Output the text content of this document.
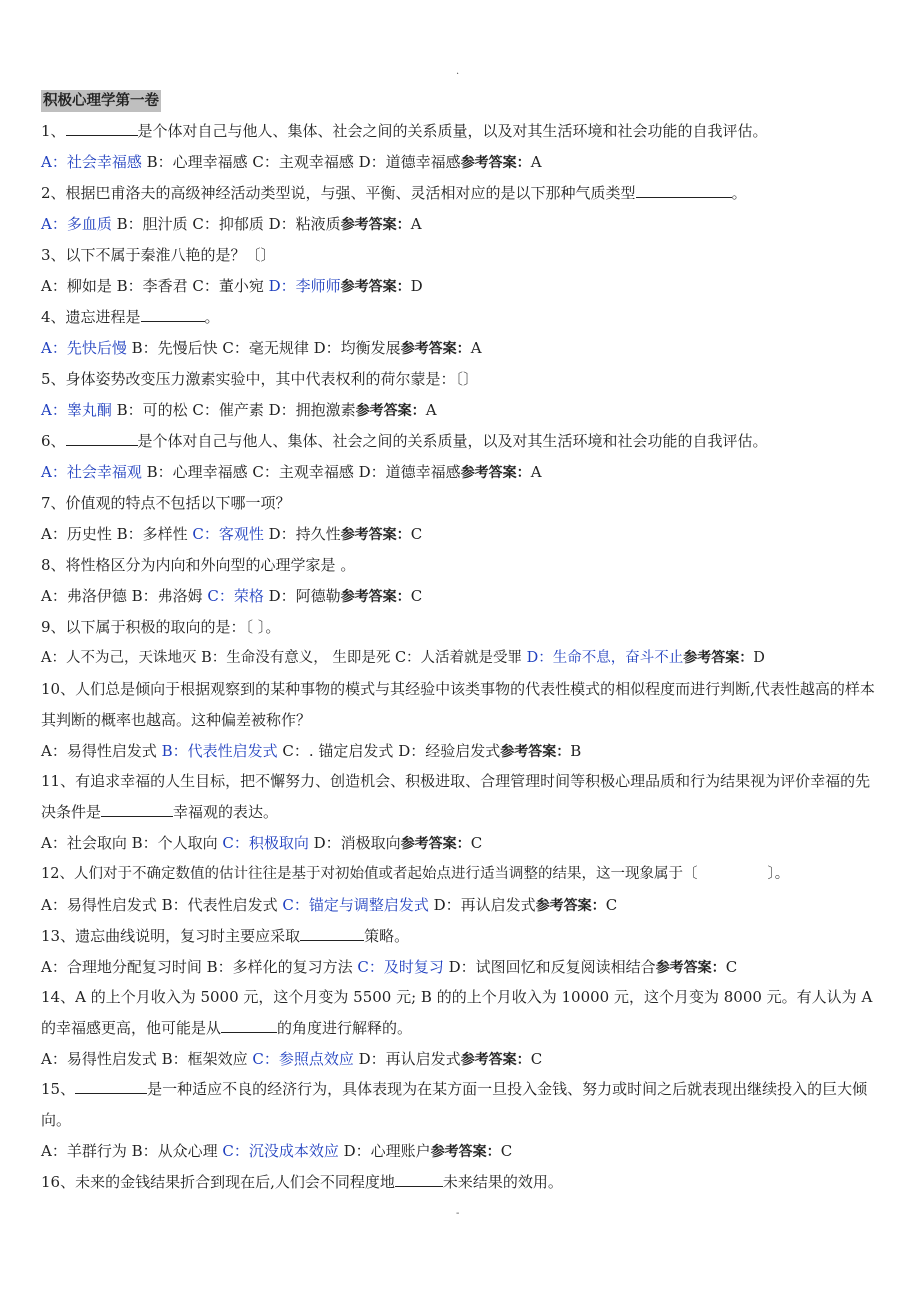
.
积极心理学第一卷
1、	是个体对自己与他人、集体、社会之间的关系质量，以及对其生活环境和社会功能的自我评估。
A：社会幸福感 B：心理幸福感 C：主观幸福感 D：道德幸福感参考答案：A
2、根据巴甫洛夫的高级神经活动类型说，与强、平衡、灵活相对应的是以下那种气质类型	。
A：多血质 B：胆汁质 C：抑郁质 D：粘液质参考答案：A
3、以下不属于秦淮八艳的是？〔〕
A：柳如是 B：李香君 C：董小宛 D：李师师参考答案：D
4、遗忘进程是	。
A：先快后慢 B：先慢后快 C：毫无规律 D：均衡发展参考答案：A
5、身体姿势改变压力激素实验中，其中代表权利的荷尔蒙是：〔〕
A：睾丸酮 B：可的松 C：催产素 D：拥抱激素参考答案：A
6、	是个体对自己与他人、集体、社会之间的关系质量，以及对其生活环境和社会功能的自我评估。
A：社会幸福观 B：心理幸福感 C：主观幸福感 D：道德幸福感参考答案：A
7、价值观的特点不包括以下哪一项？
A：历史性 B：多样性 C：客观性 D：持久性参考答案：C
8、将性格区分为内向和外向型的心理学家是 。
A：弗洛伊德 B：弗洛姆 C：荣格 D：阿德勒参考答案：C
9、以下属于积极的取向的是：〔 〕。
A：人不为己，天诛地灭 B：生命没有意义， 生即是死 C：人活着就是受罪 D：生命不息，奋斗不止参考答案：D
10、人们总是倾向于根据观察到的某种事物的模式与其经验中该类事物的代表性模式的相似程度而进行判断,代表性越高的样本其判断的概率也越高。这种偏差被称作？
A：易得性启发式 B：代表性启发式 C：. 锚定启发式 D：经验启发式参考答案：B
11、有追求幸福的人生目标，把不懈努力、创造机会、积极进取、合理管理时间等积极心理品质和行为结果视为评价幸福的先决条件是	幸福观的表达。
A：社会取向 B：个人取向 C：积极取向 D：消极取向参考答案：C
12、人们对于不确定数值的估计往往是基于对初始值或者起始点进行适当调整的结果，这一现象属于〔	〕。
A：易得性启发式 B：代表性启发式 C：锚定与调整启发式 D：再认启发式参考答案：C
13、遗忘曲线说明，复习时主要应采取	策略。
A：合理地分配复习时间 B：多样化的复习方法 C：及时复习 D：试图回忆和反复阅读相结合参考答案：C
14、A 的上个月收入为 5000 元，这个月变为 5500 元; B 的的上个月收入为 10000 元，这个月变为 8000 元。有人认为 A 的幸福感更高，他可能是从	的角度进行解释的。
A：易得性启发式 B：框架效应 C：参照点效应 D：再认启发式参考答案：C
15、	是一种适应不良的经济行为，具体表现为在某方面一旦投入金钱、努力或时间之后就表现出继续投入的巨大倾向。
A：羊群行为 B：从众心理 C：沉没成本效应 D：心理账户参考答案：C
16、未来的金钱结果折合到现在后,人们会不同程度地	未来结果的效用。
-
